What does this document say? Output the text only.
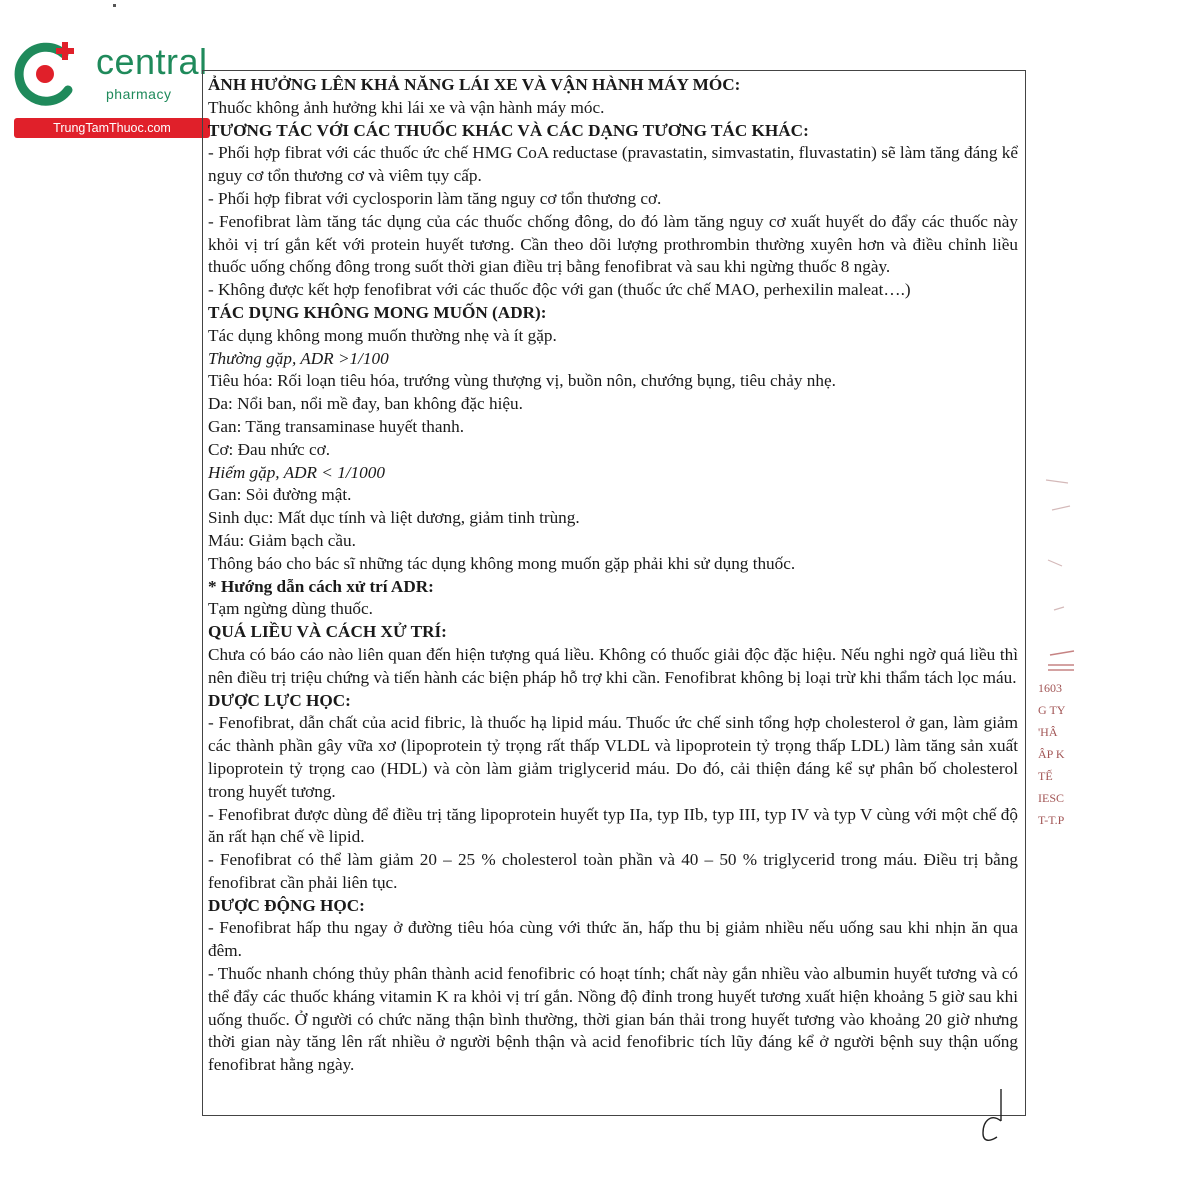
central
pharmacy
TrungTamThuoc.com

ẢNH HƯỞNG LÊN KHẢ NĂNG LÁI XE VÀ VẬN HÀNH MÁY MÓC:

Thuốc không ảnh hưởng khi lái xe và vận hành máy móc.

TƯƠNG TÁC VỚI CÁC THUỐC KHÁC VÀ CÁC DẠNG TƯƠNG TÁC KHÁC:

- Phối hợp fibrat với các thuốc ức chế HMG CoA reductase (pravastatin, simvastatin, fluvastatin) sẽ làm tăng đáng kể nguy cơ tổn thương cơ và viêm tụy cấp.

- Phối hợp fibrat với cyclosporin làm tăng nguy cơ tổn thương cơ.

- Fenofibrat làm tăng tác dụng của các thuốc chống đông, do đó làm tăng nguy cơ xuất huyết do đẩy các thuốc này khỏi vị trí gắn kết với protein huyết tương. Cần theo dõi lượng prothrombin thường xuyên hơn và điều chỉnh liều thuốc uống chống đông trong suốt thời gian điều trị bằng fenofibrat và sau khi ngừng thuốc 8 ngày.

- Không được kết hợp fenofibrat với các thuốc độc với gan (thuốc ức chế MAO, perhexilin maleat….)

TÁC DỤNG KHÔNG MONG MUỐN (ADR):

Tác dụng không mong muốn thường nhẹ và ít gặp.

Thường gặp, ADR >1/100

Tiêu hóa: Rối loạn tiêu hóa, trướng vùng thượng vị, buồn nôn, chướng bụng, tiêu chảy nhẹ.

Da: Nổi ban, nổi mề đay, ban không đặc hiệu.

Gan: Tăng transaminase huyết thanh.

Cơ: Đau nhức cơ.

Hiếm gặp, ADR < 1/1000

Gan: Sỏi đường mật.

Sinh dục: Mất dục tính và liệt dương, giảm tinh trùng.

Máu: Giảm bạch cầu.

Thông báo cho bác sĩ những tác dụng không mong muốn gặp phải khi sử dụng thuốc.

* Hướng dẫn cách xử trí ADR:

Tạm ngừng dùng thuốc.

QUÁ LIỀU VÀ CÁCH XỬ TRÍ:

Chưa có báo cáo nào liên quan đến hiện tượng quá liều. Không có thuốc giải độc đặc hiệu. Nếu nghi ngờ quá liều thì nên điều trị triệu chứng và tiến hành các biện pháp hỗ trợ khi cần. Fenofibrat không bị loại trừ khi thẩm tách lọc máu.

DƯỢC LỰC HỌC:

- Fenofibrat, dẫn chất của acid fibric, là thuốc hạ lipid máu. Thuốc ức chế sinh tổng hợp cholesterol ở gan, làm giảm các thành phần gây vữa xơ (lipoprotein tỷ trọng rất thấp VLDL và lipoprotein tỷ trọng thấp LDL) làm tăng sản xuất lipoprotein tỷ trọng cao (HDL) và còn làm giảm triglycerid máu. Do đó, cải thiện đáng kể sự phân bố cholesterol trong huyết tương.

- Fenofibrat được dùng để điều trị tăng lipoprotein huyết typ IIa, typ IIb, typ III, typ IV và typ V cùng với một chế độ ăn rất hạn chế về lipid.

- Fenofibrat có thể làm giảm 20 – 25 % cholesterol toàn phần và 40 – 50 % triglycerid trong máu. Điều trị bằng fenofibrat cần phải liên tục.

DƯỢC ĐỘNG HỌC:

- Fenofibrat hấp thu ngay ở đường tiêu hóa cùng với thức ăn, hấp thu bị giảm nhiều nếu uống sau khi nhịn ăn qua đêm.

- Thuốc nhanh chóng thủy phân thành acid fenofibric có hoạt tính; chất này gắn nhiều vào albumin huyết tương và có thể đẩy các thuốc kháng vitamin K ra khỏi vị trí gắn. Nồng độ đỉnh trong huyết tương xuất hiện khoảng 5 giờ sau khi uống thuốc. Ở người có chức năng thận bình thường, thời gian bán thải trong huyết tương vào khoảng 20 giờ nhưng thời gian này tăng lên rất nhiều ở người bệnh thận và acid fenofibric tích lũy đáng kể ở người bệnh suy thận uống fenofibrat hằng ngày.

1603 G TY 'HÂ ÂP K TẾ IESC T-T.P
